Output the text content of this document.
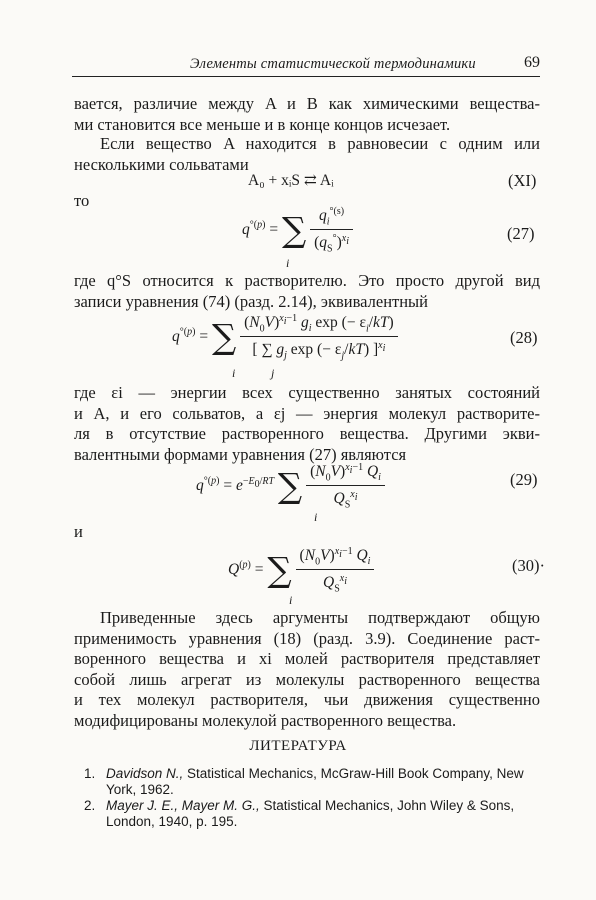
Элементы статистической термодинамики	69
вается, различие между A и B как химическими вещества-
ми становится все меньше и в конце концов исчезает.
Если вещество A находится в равновесии с одним или
несколькими сольватами
A₀ + xᵢS ⇄ Aᵢ	(XI)
то
$q^{^\circ(p)}$ = ∑ $\frac{q_i^{^\circ(s)}}{(q_S^\circ)^{x_i}}$
i
(27)
где q°S относится к растворителю. Это просто другой вид
записи уравнения (74) (разд. 2.14), эквивалентный
$q^{^\circ(p)}$ = ∑ $\frac{(N_0V)^{x_i-1} g_i \exp (- \varepsilon_i/kT)}{[ \sum g_j \exp (- \varepsilon_j/kT) ]^{x_i}}$
i	j
(28)
где εi — энергии всех существенно занятых состояний
и A, и его сольватов, а εj — энергия молекул растворите-
ля в отсутствие растворенного вещества. Другими экви-
валентными формами уравнения (27) являются
$q^{^\circ(p)} = e^{-E_0/RT}$ ∑ $\frac{(N_0V)^{x_i-1} Q_i}{Q_S^{x_i}}$
i
(29)
и
$Q^{(p)}$ = ∑ $\frac{(N_0V)^{x_i-1} Q_i}{Q_S^{x_i}}$
i
(30)·
Приведенные здесь аргументы подтверждают общую
применимость уравнения (18) (разд. 3.9). Соединение раст-
воренного вещества и xi молей растворителя представляет
собой лишь агрегат из молекулы растворенного вещества
и тех молекул растворителя, чьи движения существенно
модифицированы молекулой растворенного вещества.
ЛИТЕРАТУРА
1. Davidson N., Statistical Mechanics, McGraw-Hill Book Company, New York, 1962.
2. Mayer J. E., Mayer M. G., Statistical Mechanics, John Wiley & Sons, London, 1940, p. 195.
